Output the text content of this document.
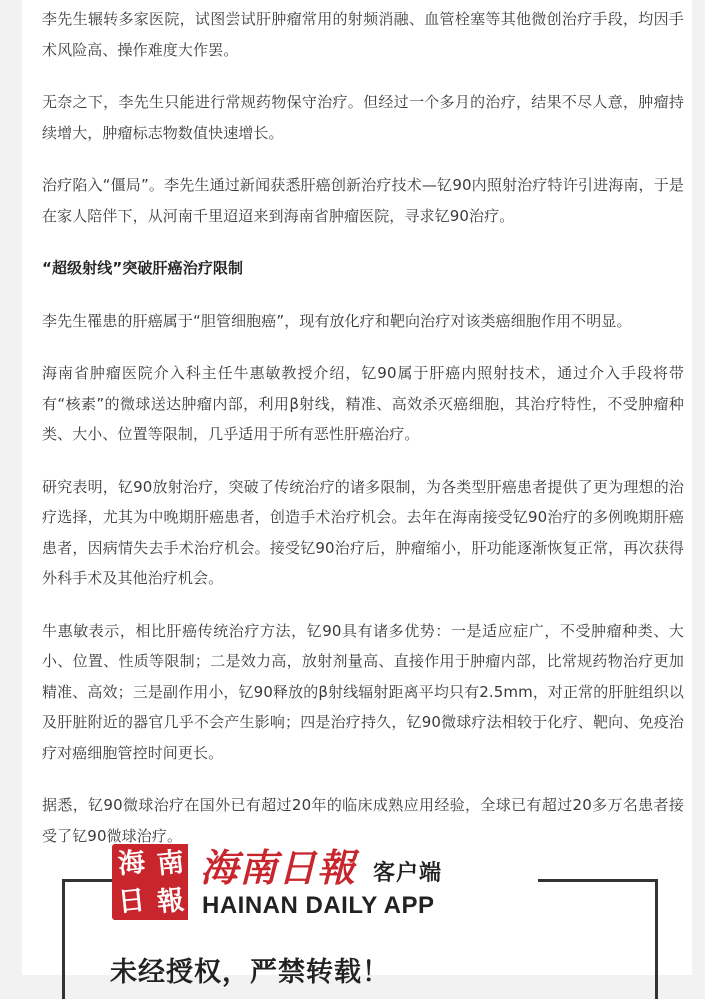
李先生辗转多家医院，试图尝试肝肿瘤常用的射频消融、血管栓塞等其他微创治疗手段，均因手术风险高、操作难度大作罢。

无奈之下，李先生只能进行常规药物保守治疗。但经过一个多月的治疗，结果不尽人意，肿瘤持续增大，肿瘤标志物数值快速增长。

治疗陷入“僵局”。李先生通过新闻获悉肝癌创新治疗技术—钇90内照射治疗特许引进海南，于是在家人陪伴下，从河南千里迢迢来到海南省肿瘤医院，寻求钇90治疗。

“超级射线”突破肝癌治疗限制

李先生罹患的肝癌属于“胆管细胞癌”，现有放化疗和靶向治疗对该类癌细胞作用不明显。

海南省肿瘤医院介入科主任牛惠敏教授介绍，钇90属于肝癌内照射技术，通过介入手段将带有“核素”的微球送达肿瘤内部，利用β射线，精准、高效杀灭癌细胞，其治疗特性，不受肿瘤种类、大小、位置等限制，几乎适用于所有恶性肝癌治疗。

研究表明，钇90放射治疗，突破了传统治疗的诸多限制，为各类型肝癌患者提供了更为理想的治疗选择，尤其为中晚期肝癌患者，创造手术治疗机会。去年在海南接受钇90治疗的多例晚期肝癌患者，因病情失去手术治疗机会。接受钇90治疗后，肿瘤缩小，肝功能逐渐恢复正常，再次获得外科手术及其他治疗机会。

牛惠敏表示，相比肝癌传统治疗方法，钇90具有诸多优势：一是适应症广，不受肿瘤种类、大小、位置、性质等限制；二是效力高，放射剂量高、直接作用于肿瘤内部，比常规药物治疗更加精准、高效；三是副作用小，钇90释放的β射线辐射距离平均只有2.5mm，对正常的肝脏组织以及肝脏附近的器官几乎不会产生影响；四是治疗持久，钇90微球疗法相较于化疗、靶向、免疫治疗对癌细胞管控时间更长。

据悉，钇90微球治疗在国外已有超过20年的临床成熟应用经验，全球已有超过20多万名患者接受了钇90微球治疗。

海 南
日 報
海南日報 客户端
HAINAN DAILY APP
未经授权，严禁转载！
